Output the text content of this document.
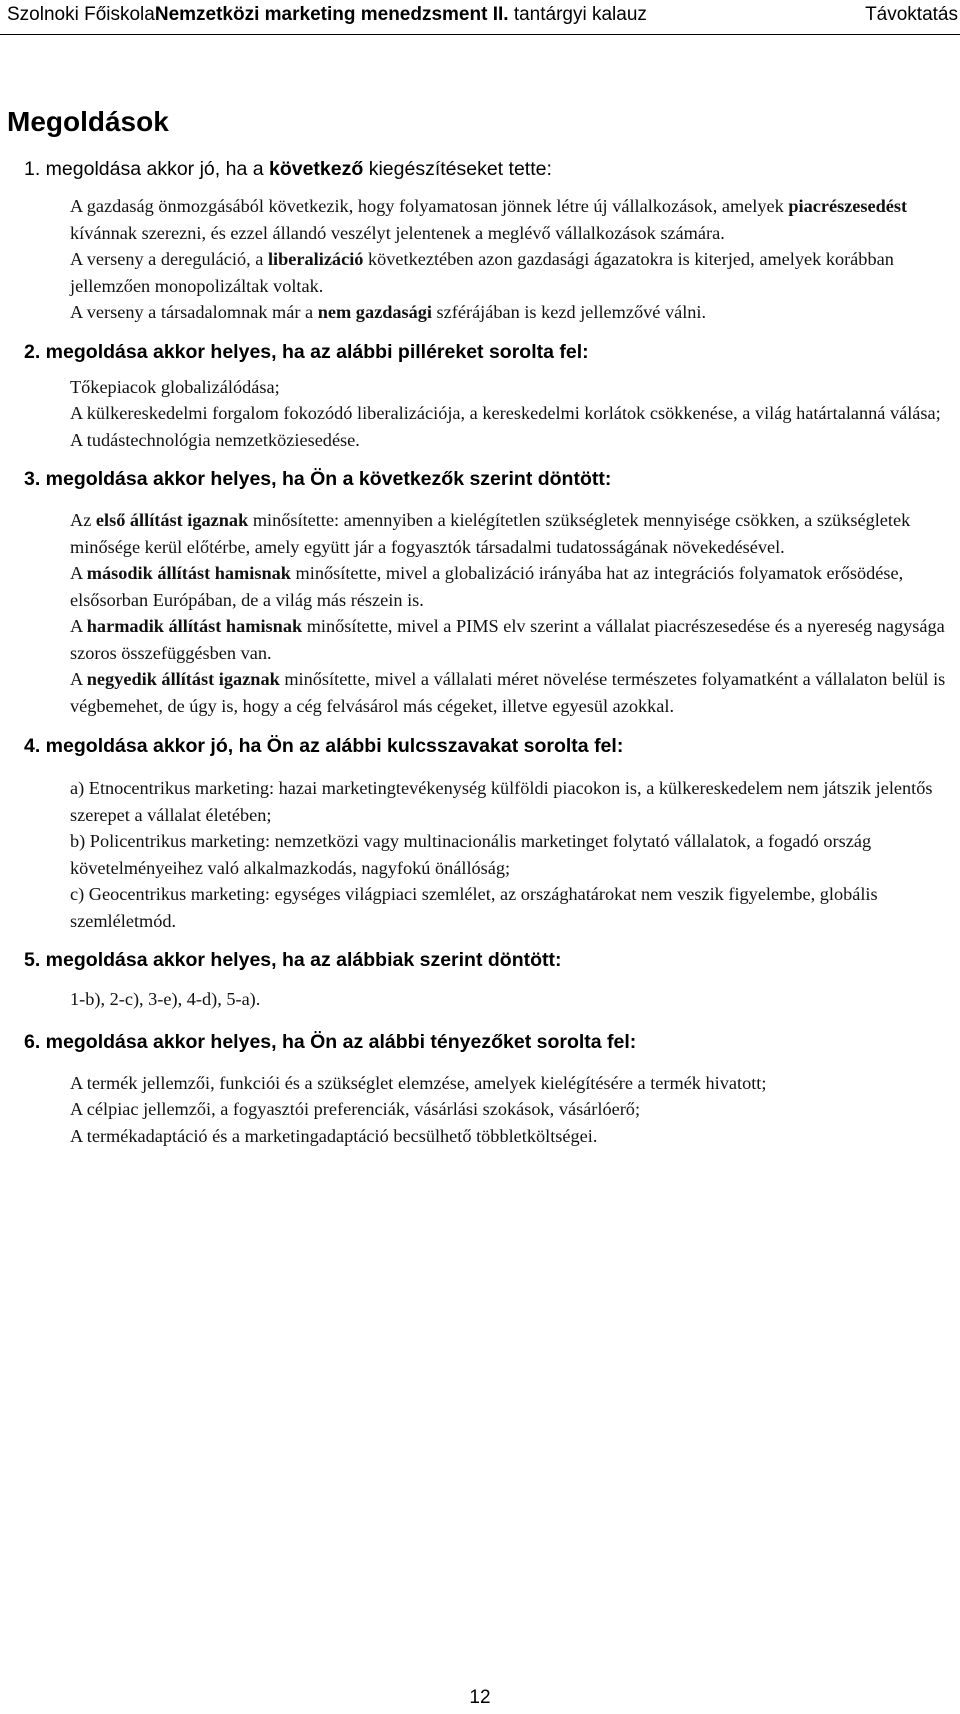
Szolnoki FőiskolaNemzetközi marketing menedzsment II. tantárgyi kalauz	Távoktatás
Megoldások
1. megoldása akkor jó, ha a következő kiegészítéseket tette:

A gazdaság önmozgásából következik, hogy folyamatosan jönnek létre új vállalkozások, amelyek piacrészesedést kívánnak szerezni, és ezzel állandó veszélyt jelentenek a meglévő vállalkozások számára.

A verseny a dereguláció, a liberalizáció következtében azon gazdasági ágazatokra is kiterjed, amelyek korábban jellemzően monopolizáltak voltak.

A verseny a társadalomnak már a nem gazdasági szférájában is kezd jellemzővé válni.

2. megoldása akkor helyes, ha az alábbi pilléreket sorolta fel:

Tőkepiacok globalizálódása;

A külkereskedelmi forgalom fokozódó liberalizációja, a kereskedelmi korlátok csökkenése, a világ határtalanná válása;

A tudástechnológia nemzetköziesedése.

3. megoldása akkor helyes, ha Ön a következők szerint döntött:

Az első állítást igaznak minősítette: amennyiben a kielégítetlen szükségletek mennyisége csökken, a szükségletek minősége kerül előtérbe, amely együtt jár a fogyasztók társadalmi tudatosságának növekedésével.

A második állítást hamisnak minősítette, mivel a globalizáció irányába hat az integrációs folyamatok erősödése, elsősorban Európában, de a világ más részein is.

A harmadik állítást hamisnak minősítette, mivel a PIMS elv szerint a vállalat piacrészesedése és a nyereség nagysága szoros összefüggésben van.

A negyedik állítást igaznak minősítette, mivel a vállalati méret növelése természetes folyamatként a vállalaton belül is végbemehet, de úgy is, hogy a cég felvásárol más cégeket, illetve egyesül azokkal.

4. megoldása akkor jó, ha Ön az alábbi kulcsszavakat sorolta fel:

a) Etnocentrikus marketing: hazai marketingtevékenység külföldi piacokon is, a külkereskedelem nem játszik jelentős szerepet a vállalat életében;

b) Policentrikus marketing: nemzetközi vagy multinacionális marketinget folytató vállalatok, a fogadó ország követelményeihez való alkalmazkodás, nagyfokú önállóság;

c) Geocentrikus marketing: egységes világpiaci szemlélet, az országhatárokat nem veszik figyelembe, globális szemléletmód.

5. megoldása akkor helyes, ha az alábbiak szerint döntött:

1-b), 2-c), 3-e), 4-d), 5-a).

6. megoldása akkor helyes, ha Ön az alábbi tényezőket sorolta fel:

A termék jellemzői, funkciói és a szükséglet elemzése, amelyek kielégítésére a termék hivatott;

A célpiac jellemzői, a fogyasztói preferenciák, vásárlási szokások, vásárlóerő;

A termékadaptáció és a marketingadaptáció becsülhető többletköltségei.

12
